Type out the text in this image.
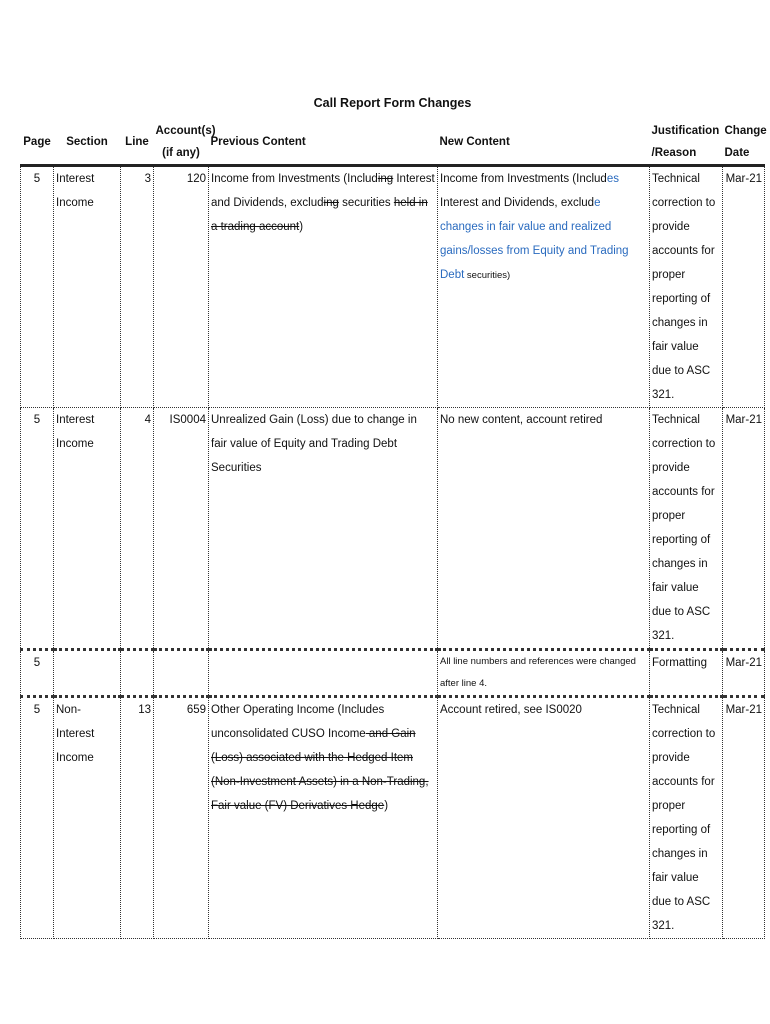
Call Report Form Changes
Page	Section	Line	Account(s) (if any)	Previous Content	New Content	Justification /Reason	Change Date
5	Interest Income	3	120	Income from Investments (Including Interest and Dividends, excluding securities held in a trading account)	Income from Investments (Includes Interest and Dividends, exclude changes in fair value and realized gains/losses from Equity and Trading Debt securities)	Technical correction to provide accounts for proper reporting of changes in fair value due to ASC 321.	Mar-21
5	Interest Income	4	IS0004	Unrealized Gain (Loss) due to change in fair value of Equity and Trading Debt Securities	No new content, account retired	Technical correction to provide accounts for proper reporting of changes in fair value due to ASC 321.	Mar-21
5					All line numbers and references were changed after line 4.	Formatting	Mar-21
5	Non-Interest Income	13	659	Other Operating Income (Includes unconsolidated CUSO Income and Gain (Loss) associated with the Hedged Item (Non-Investment Assets) in a Non-Trading, Fair value (FV) Derivatives Hedge)	Account retired, see IS0020	Technical correction to provide accounts for proper reporting of changes in fair value due to ASC 321.	Mar-21
